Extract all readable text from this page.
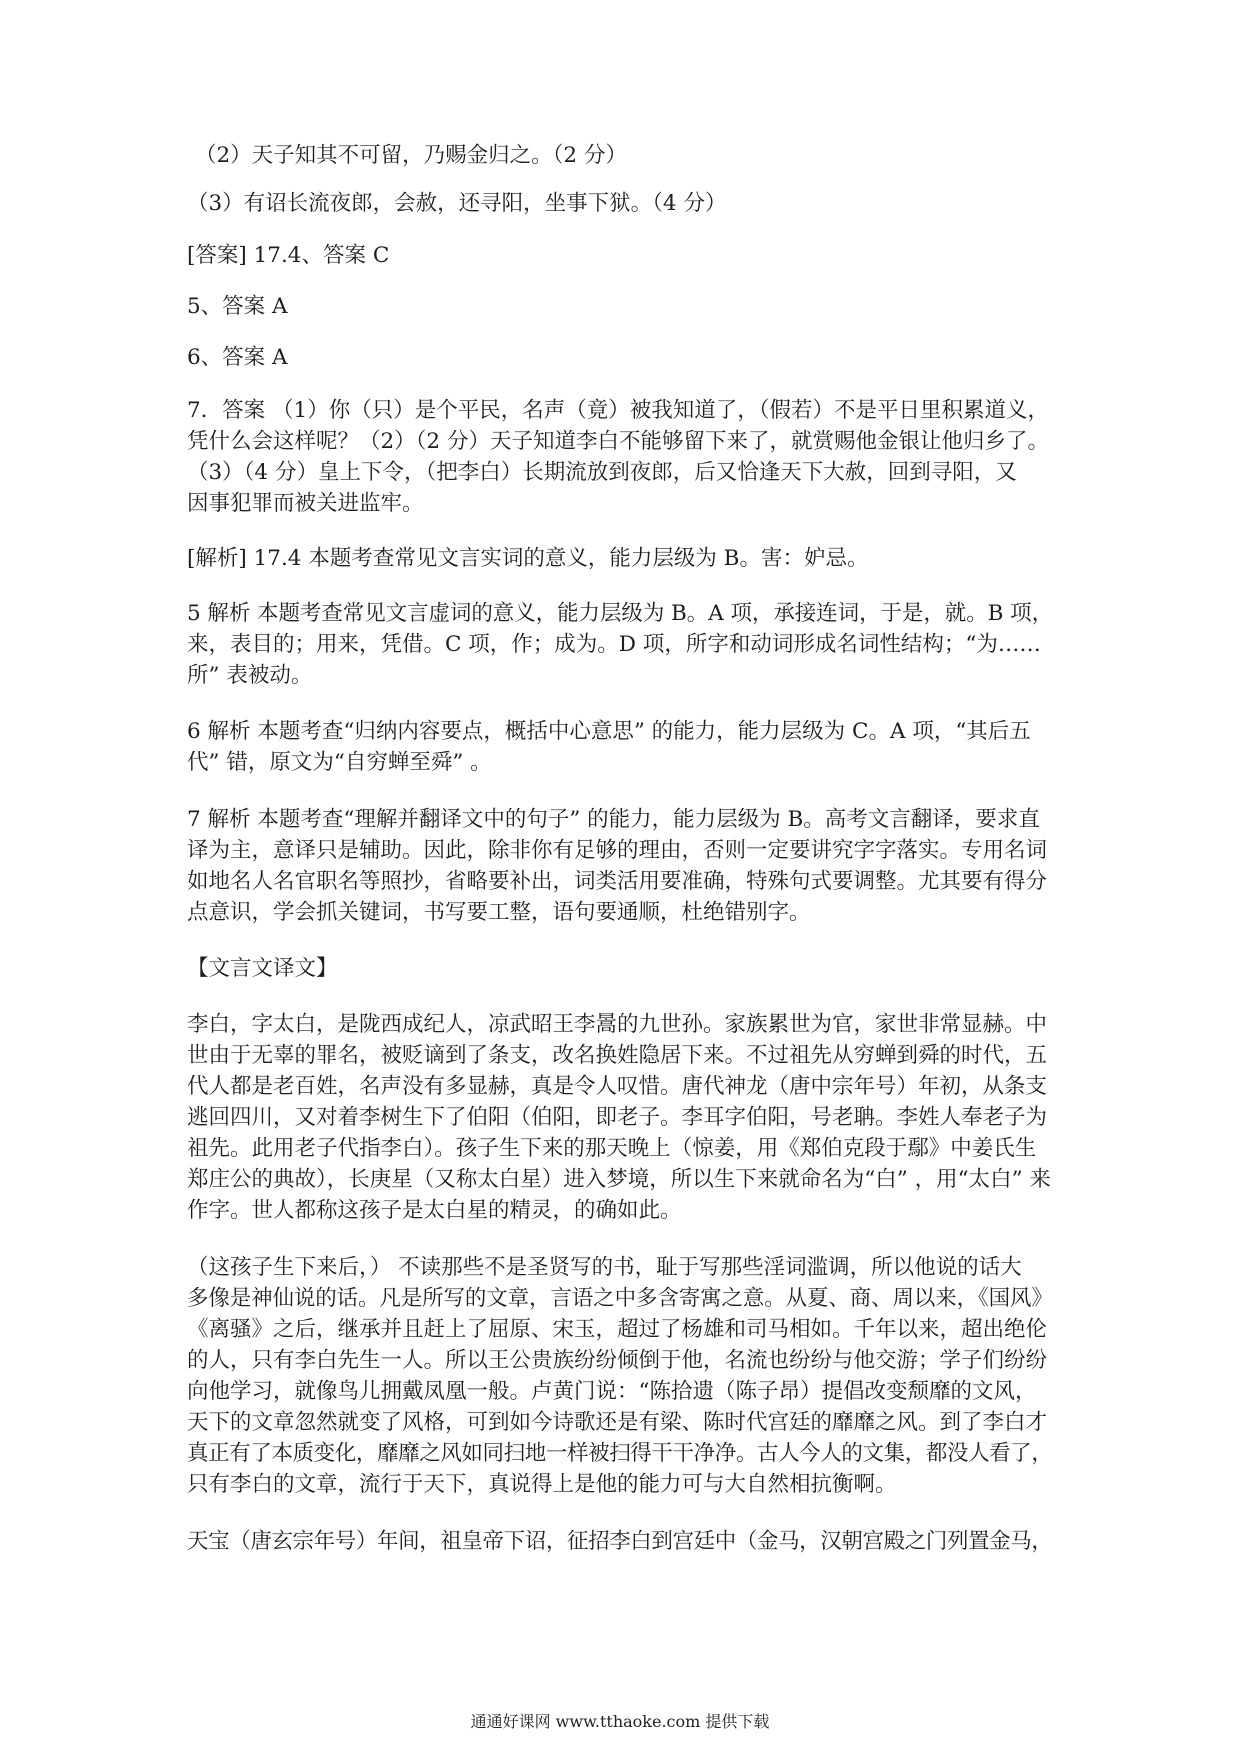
（2）天子知其不可留，乃赐金归之。（2 分）

（3）有诏长流夜郎，会赦，还寻阳，坐事下狱。（4 分）

[答案] 17.4、答案 C

5、答案 A

6、答案 A

7．答案 （1）你（只）是个平民，名声（竟）被我知道了，（假若）不是平日里积累道义，
凭什么会这样呢？（2）（2 分）天子知道李白不能够留下来了，就赏赐他金银让他归乡了。
（3）（4 分）皇上下令，（把李白）长期流放到夜郎，后又恰逢天下大赦，回到寻阳，又
因事犯罪而被关进监牢。

[解析] 17.4 本题考查常见文言实词的意义，能力层级为 B。害：妒忌。

5 解析 本题考查常见文言虚词的意义，能力层级为 B。A 项，承接连词，于是，就。B 项，
来，表目的；用来，凭借。C 项，作；成为。D 项，所字和动词形成名词性结构；“为……
所” 表被动。

6 解析 本题考查“归纳内容要点，概括中心意思” 的能力，能力层级为 C。A 项，“其后五
代” 错，原文为“自穷蝉至舜” 。

7 解析 本题考查“理解并翻译文中的句子” 的能力，能力层级为 B。高考文言翻译，要求直
译为主，意译只是辅助。因此，除非你有足够的理由，否则一定要讲究字字落实。专用名词
如地名人名官职名等照抄，省略要补出，词类活用要准确，特殊句式要调整。尤其要有得分
点意识，学会抓关键词，书写要工整，语句要通顺，杜绝错别字。

【文言文译文】

李白，字太白，是陇西成纪人，凉武昭王李暠的九世孙。家族累世为官，家世非常显赫。中
世由于无辜的罪名，被贬谪到了条支，改名换姓隐居下来。不过祖先从穷蝉到舜的时代，五
代人都是老百姓，名声没有多显赫，真是令人叹惜。唐代神龙（唐中宗年号）年初，从条支
逃回四川，又对着李树生下了伯阳（伯阳，即老子。李耳字伯阳，号老聃。李姓人奉老子为
祖先。此用老子代指李白）。孩子生下来的那天晚上（惊姜，用《郑伯克段于鄢》中姜氏生
郑庄公的典故），长庚星（又称太白星）进入梦境，所以生下来就命名为“白” ，用“太白” 来
作字。世人都称这孩子是太白星的精灵，的确如此。

（这孩子生下来后，） 不读那些不是圣贤写的书，耻于写那些淫词滥调，所以他说的话大
多像是神仙说的话。凡是所写的文章，言语之中多含寄寓之意。从夏、商、周以来，《国风》
《离骚》之后，继承并且赶上了屈原、宋玉，超过了杨雄和司马相如。千年以来，超出绝伦
的人，只有李白先生一人。所以王公贵族纷纷倾倒于他，名流也纷纷与他交游；学子们纷纷
向他学习，就像鸟儿拥戴凤凰一般。卢黄门说：“陈拾遗（陈子昂）提倡改变颓靡的文风，
天下的文章忽然就变了风格，可到如今诗歌还是有梁、陈时代宫廷的靡靡之风。到了李白才
真正有了本质变化，靡靡之风如同扫地一样被扫得干干净净。古人今人的文集，都没人看了，
只有李白的文章，流行于天下，真说得上是他的能力可与大自然相抗衡啊。

天宝（唐玄宗年号）年间，祖皇帝下诏，征招李白到宫廷中（金马，汉朝宫殿之门列置金马，

通通好课网 www.tthaoke.com 提供下载
